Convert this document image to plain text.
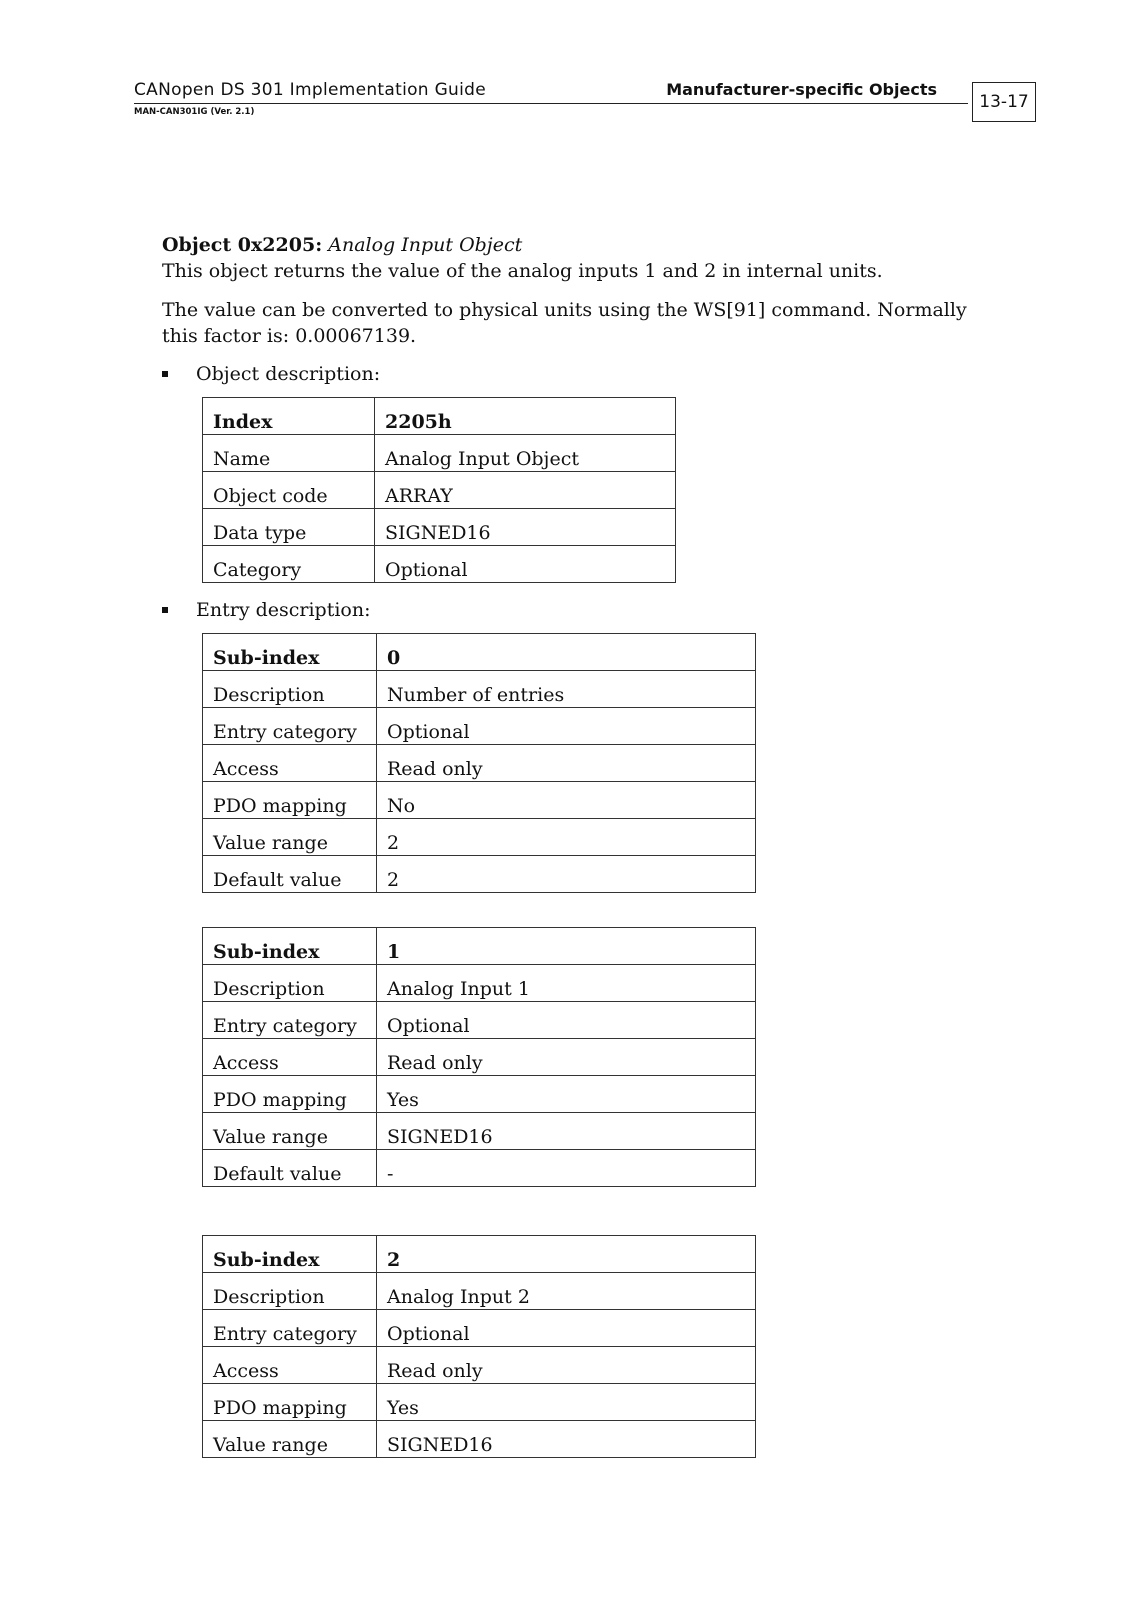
CANopen DS 301 Implementation Guide	Manufacturer-specific Objects
MAN-CAN301IG (Ver. 2.1)	13-17

Object 0x2205: Analog Input Object

This object returns the value of the analog inputs 1 and 2 in internal units.

The value can be converted to physical units using the WS[91] command. Normally this factor is: 0.00067139.

Object description:
Index	2205h
Name	Analog Input Object
Object code	ARRAY
Data type	SIGNED16
Category	Optional
Entry description:
Sub-index	0
Description	Number of entries
Entry category	Optional
Access	Read only
PDO mapping	No
Value range	2
Default value	2
Sub-index	1
Description	Analog Input 1
Entry category	Optional
Access	Read only
PDO mapping	Yes
Value range	SIGNED16
Default value	-
Sub-index	2
Description	Analog Input 2
Entry category	Optional
Access	Read only
PDO mapping	Yes
Value range	SIGNED16
